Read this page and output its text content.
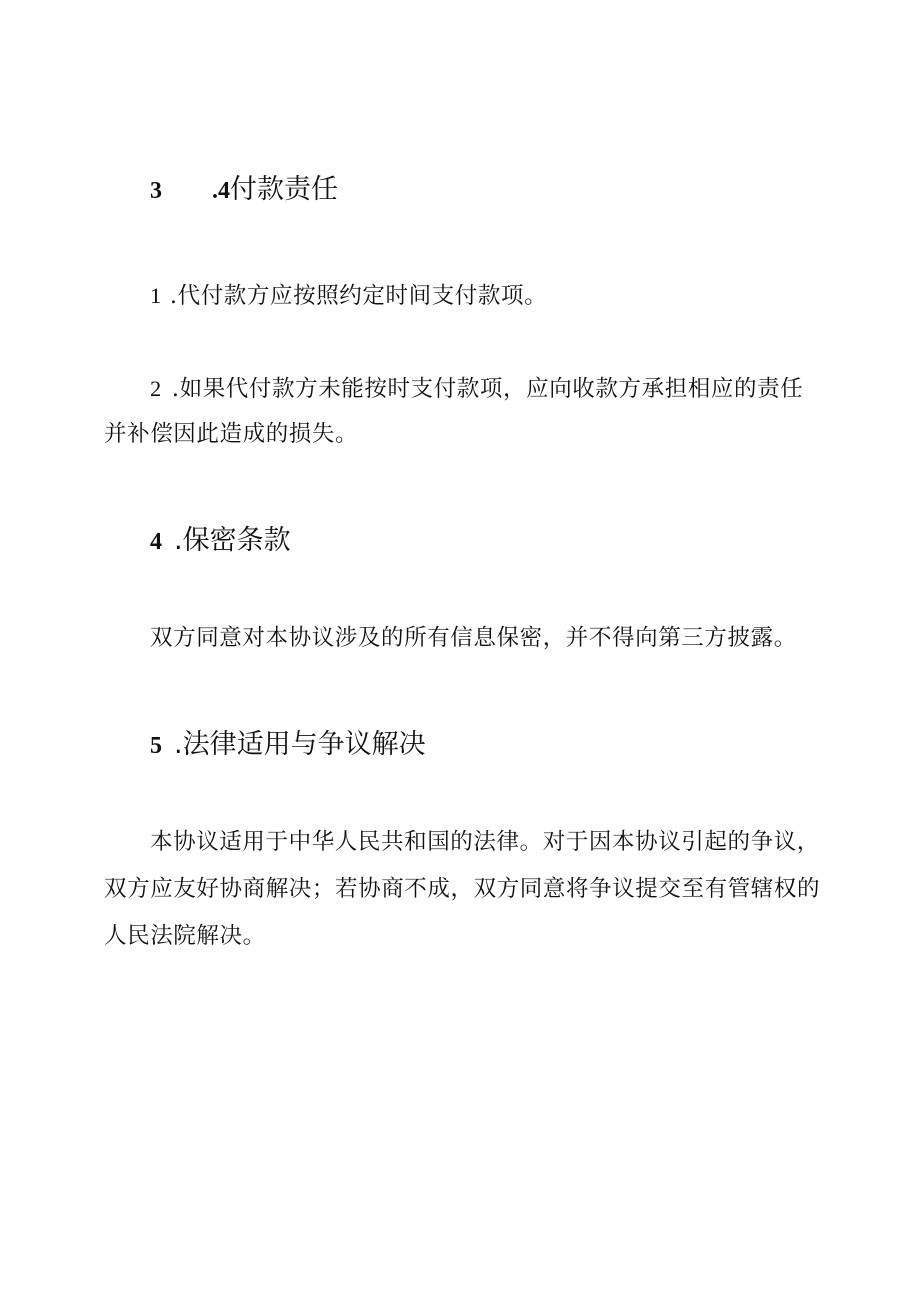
3 .4付款责任
1 .代付款方应按照约定时间支付款项。
2 .如果代付款方未能按时支付款项，应向收款方承担相应的责任
并补偿因此造成的损失。
4 .保密条款
双方同意对本协议涉及的所有信息保密，并不得向第三方披露。
5 .法律适用与争议解决
本协议适用于中华人民共和国的法律。对于因本协议引起的争议，
双方应友好协商解决；若协商不成，双方同意将争议提交至有管辖权的
人民法院解决。
